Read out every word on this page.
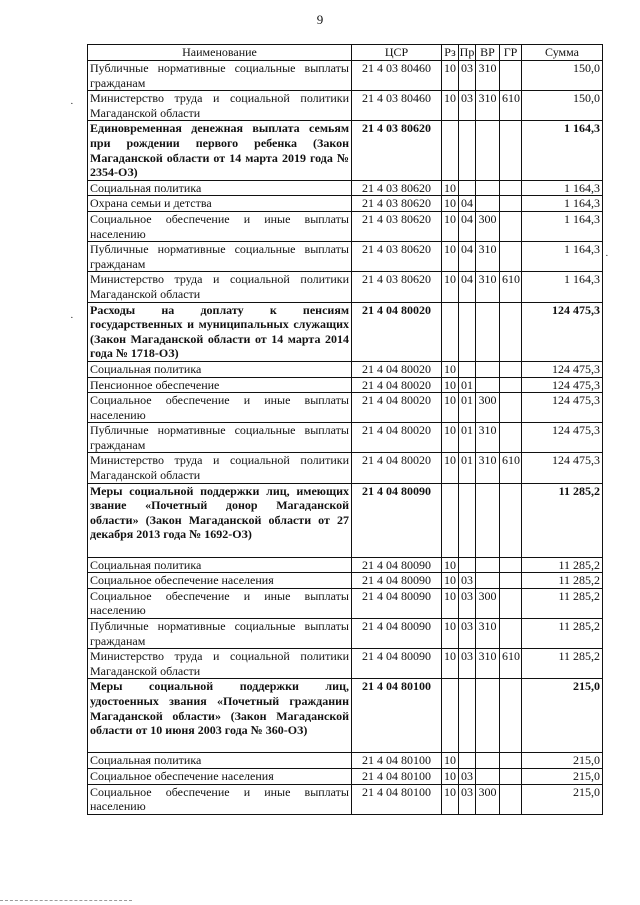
9
·
·
·
Наименование	ЦСР	Рз	Пр	ВР	ГР	Сумма
Публичные нормативные социальные выплаты гражданам	21 4 03 80460	10	03	310		150,0
Министерство труда и социальной политики Магаданской области	21 4 03 80460	10	03	310	610	150,0
Единовременная денежная выплата семьям при рождении первого ребенка (Закон Магаданской области от 14 марта 2019 года № 2354-ОЗ)	21 4 03 80620					1 164,3
Социальная политика	21 4 03 80620	10				1 164,3
Охрана семьи и детства	21 4 03 80620	10	04			1 164,3
Социальное обеспечение и иные выплаты населению	21 4 03 80620	10	04	300		1 164,3
Публичные нормативные социальные выплаты гражданам	21 4 03 80620	10	04	310		1 164,3
Министерство труда и социальной политики Магаданской области	21 4 03 80620	10	04	310	610	1 164,3
Расходы на доплату к пенсиям государственных и муниципальных служащих (Закон Магаданской области от 14 марта 2014 года № 1718-ОЗ)	21 4 04 80020					124 475,3
Социальная политика	21 4 04 80020	10				124 475,3
Пенсионное обеспечение	21 4 04 80020	10	01			124 475,3
Социальное обеспечение и иные выплаты населению	21 4 04 80020	10	01	300		124 475,3
Публичные нормативные социальные выплаты гражданам	21 4 04 80020	10	01	310		124 475,3
Министерство труда и социальной политики Магаданской области	21 4 04 80020	10	01	310	610	124 475,3
Меры социальной поддержки лиц, имеющих звание «Почетный донор Магаданской области» (Закон Магаданской области от 27 декабря 2013 года № 1692-ОЗ)	21 4 04 80090					11 285,2
Социальная политика	21 4 04 80090	10				11 285,2
Социальное обеспечение населения	21 4 04 80090	10	03			11 285,2
Социальное обеспечение и иные выплаты населению	21 4 04 80090	10	03	300		11 285,2
Публичные нормативные социальные выплаты гражданам	21 4 04 80090	10	03	310		11 285,2
Министерство труда и социальной политики Магаданской области	21 4 04 80090	10	03	310	610	11 285,2
Меры социальной поддержки лиц, удостоенных звания «Почетный гражданин Магаданской области» (Закон Магаданской области от 10 июня 2003 года № 360-ОЗ)	21 4 04 80100					215,0
Социальная политика	21 4 04 80100	10				215,0
Социальное обеспечение населения	21 4 04 80100	10	03			215,0
Социальное обеспечение и иные выплаты населению	21 4 04 80100	10	03	300		215,0
